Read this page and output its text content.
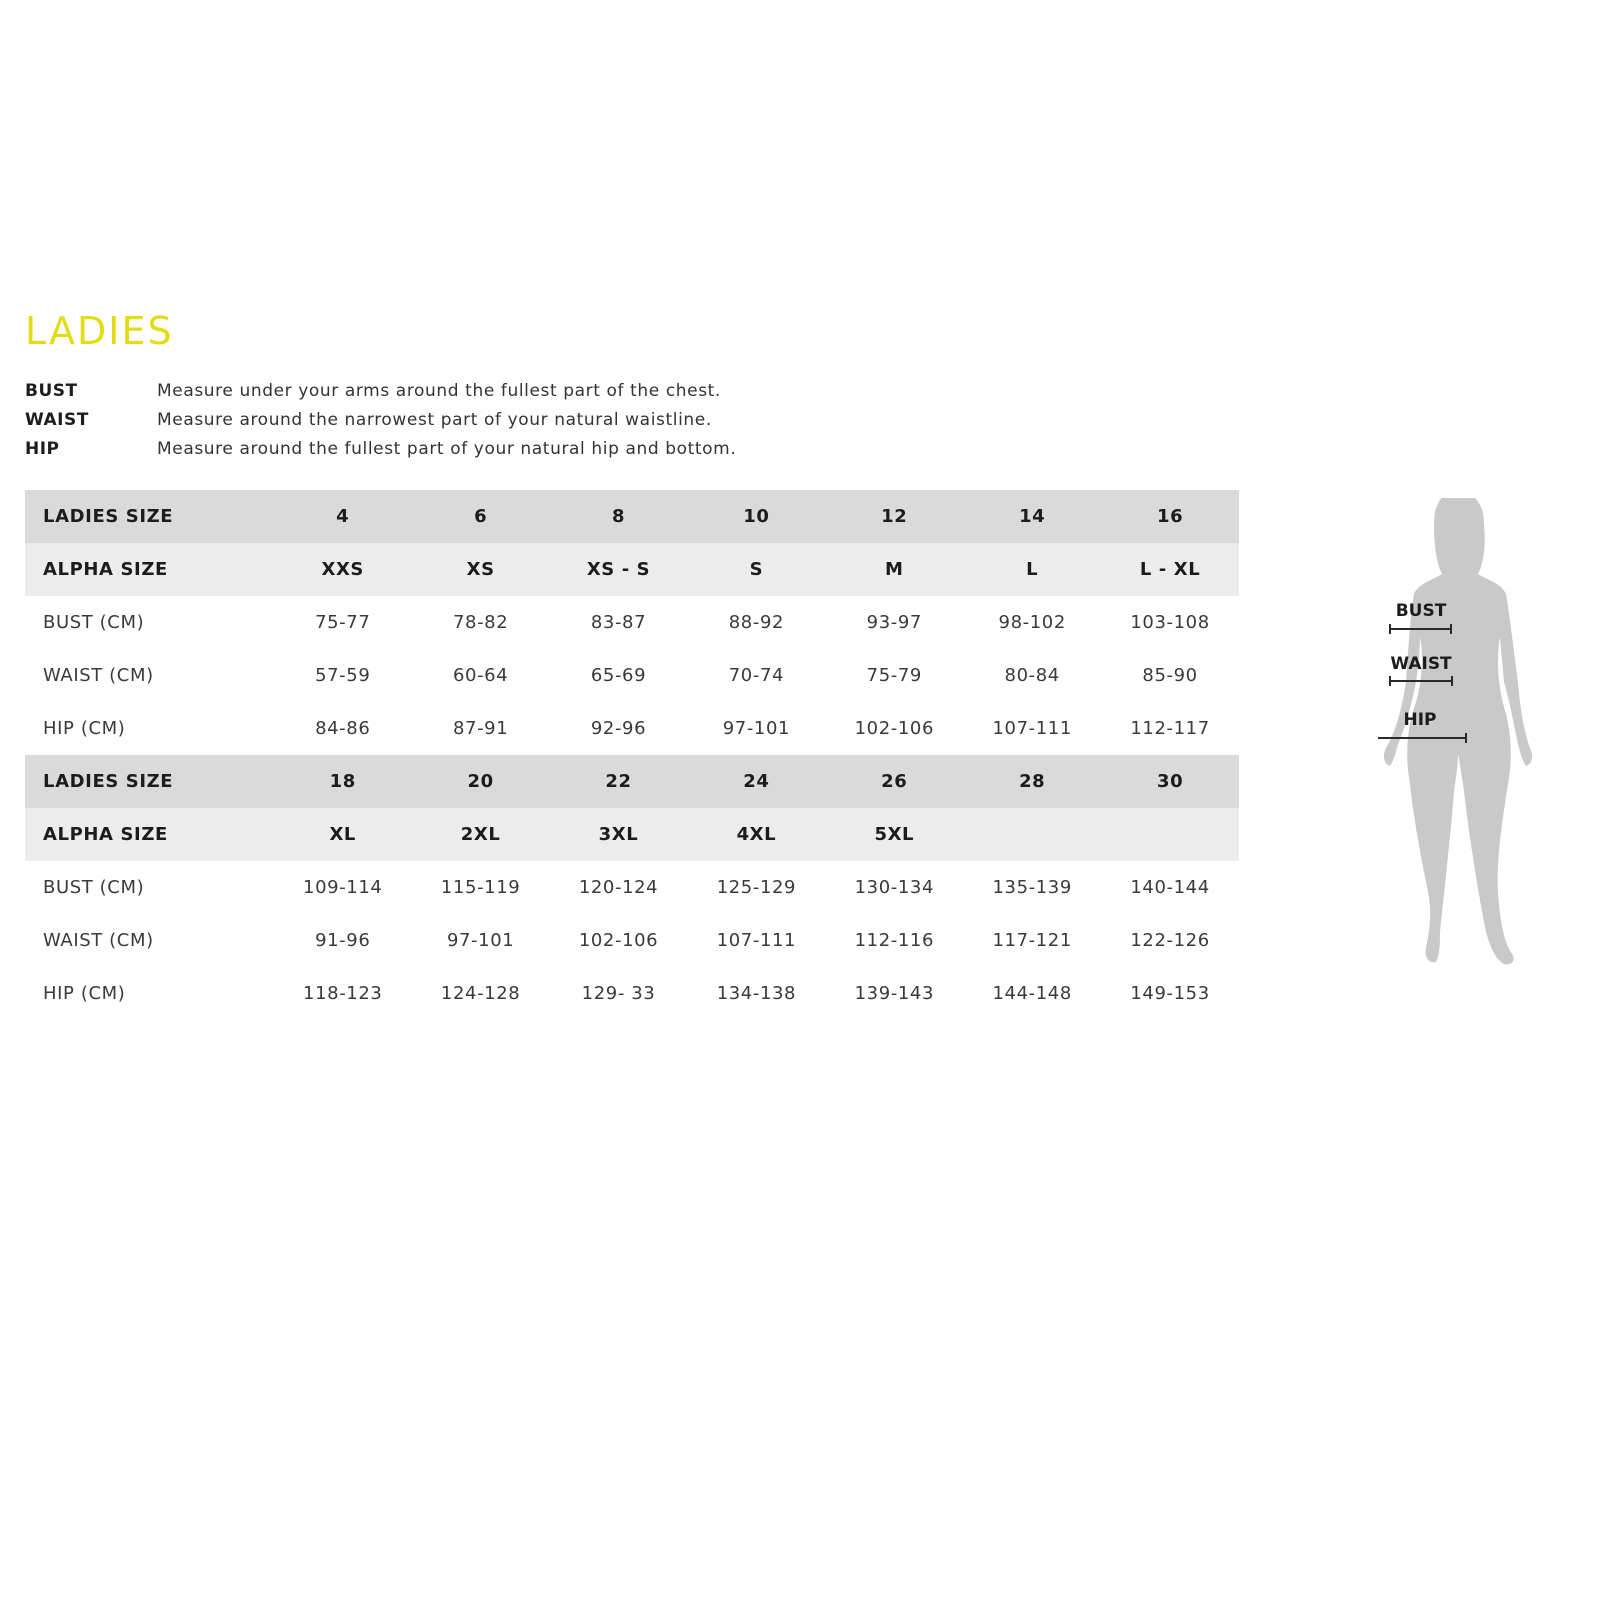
LADIES
BUST	Measure under your arms around the fullest part of the chest.
WAIST	Measure around the narrowest part of your natural waistline.
HIP	Measure around the fullest part of your natural hip and bottom.
LADIES SIZE	4	6	8	10	12	14	16
ALPHA SIZE	XXS	XS	XS - S	S	M	L	L - XL
BUST (CM)	75-77	78-82	83-87	88-92	93-97	98-102	103-108
WAIST (CM)	57-59	60-64	65-69	70-74	75-79	80-84	85-90
HIP (CM)	84-86	87-91	92-96	97-101	102-106	107-111	112-117
LADIES SIZE	18	20	22	24	26	28	30
ALPHA SIZE	XL	2XL	3XL	4XL	5XL
BUST (CM)	109-114	115-119	120-124	125-129	130-134	135-139	140-144
WAIST (CM)	91-96	97-101	102-106	107-111	112-116	117-121	122-126
HIP (CM)	118-123	124-128	129- 33	134-138	139-143	144-148	149-153
BUST
WAIST
HIP
